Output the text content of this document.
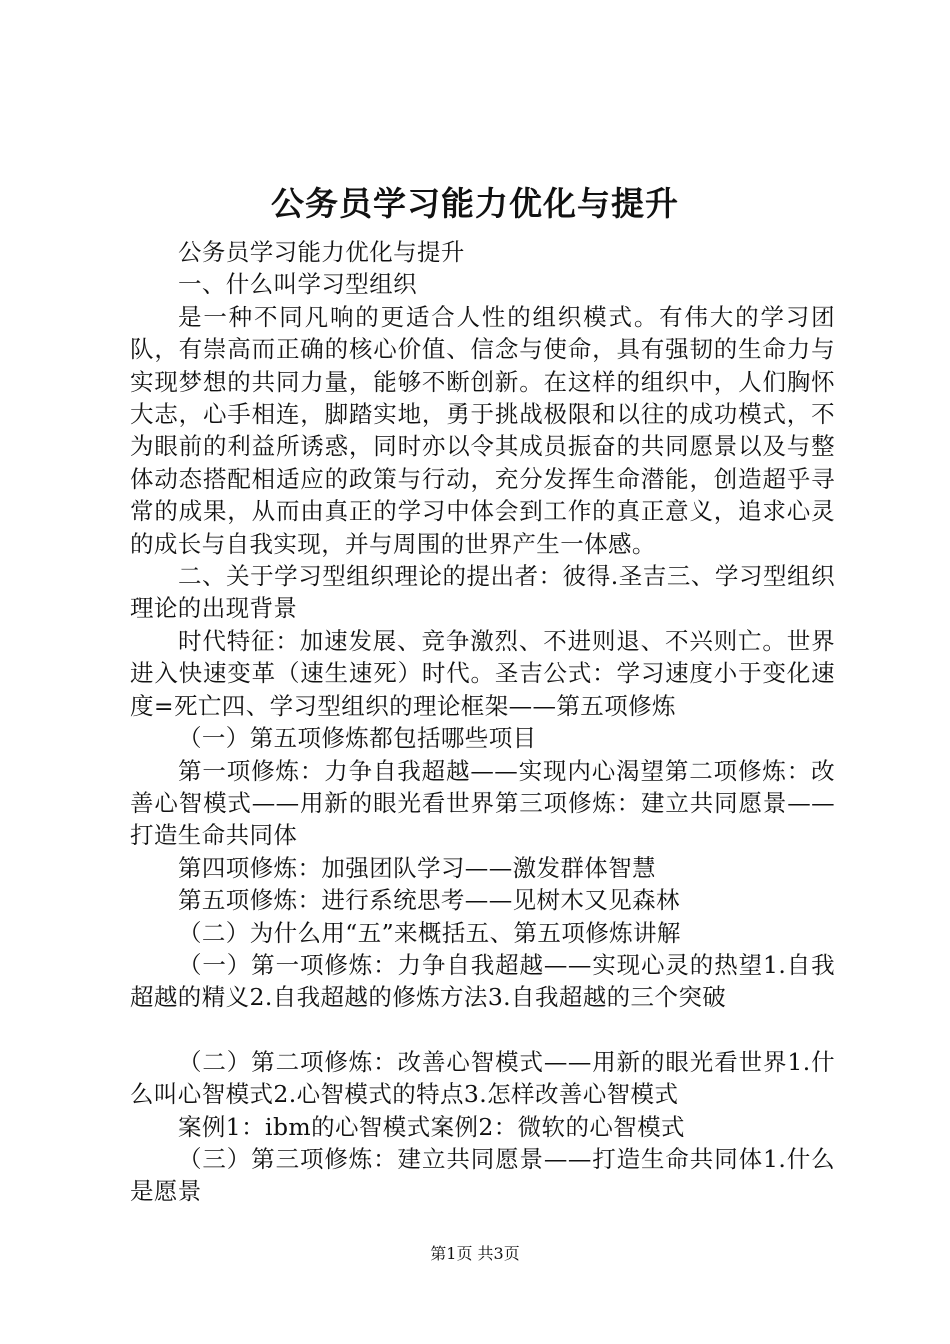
公务员学习能力优化与提升

公务员学习能力优化与提升

一、什么叫学习型组织

是一种不同凡响的更适合人性的组织模式。有伟大的学习团队，有崇高而正确的核心价值、信念与使命，具有强韧的生命力与实现梦想的共同力量，能够不断创新。在这样的组织中，人们胸怀大志，心手相连，脚踏实地，勇于挑战极限和以往的成功模式，不为眼前的利益所诱惑，同时亦以令其成员振奋的共同愿景以及与整体动态搭配相适应的政策与行动，充分发挥生命潜能，创造超乎寻常的成果，从而由真正的学习中体会到工作的真正意义，追求心灵的成长与自我实现，并与周围的世界产生一体感。

二、关于学习型组织理论的提出者：彼得.圣吉三、学习型组织理论的出现背景

时代特征：加速发展、竞争激烈、不进则退、不兴则亡。世界进入快速变革（速生速死）时代。圣吉公式：学习速度小于变化速度=死亡四、学习型组织的理论框架——第五项修炼

（一）第五项修炼都包括哪些项目

第一项修炼：力争自我超越——实现内心渴望第二项修炼：改善心智模式——用新的眼光看世界第三项修炼：建立共同愿景——打造生命共同体

第四项修炼：加强团队学习——激发群体智慧

第五项修炼：进行系统思考——见树木又见森林

（二）为什么用“五”来概括五、第五项修炼讲解

（一）第一项修炼：力争自我超越——实现心灵的热望1.自我超越的精义2.自我超越的修炼方法3.自我超越的三个突破

（二）第二项修炼：改善心智模式——用新的眼光看世界1.什么叫心智模式2.心智模式的特点3.怎样改善心智模式

案例1：ibm的心智模式案例2：微软的心智模式

（三）第三项修炼：建立共同愿景——打造生命共同体1.什么是愿景

第1页 共3页
